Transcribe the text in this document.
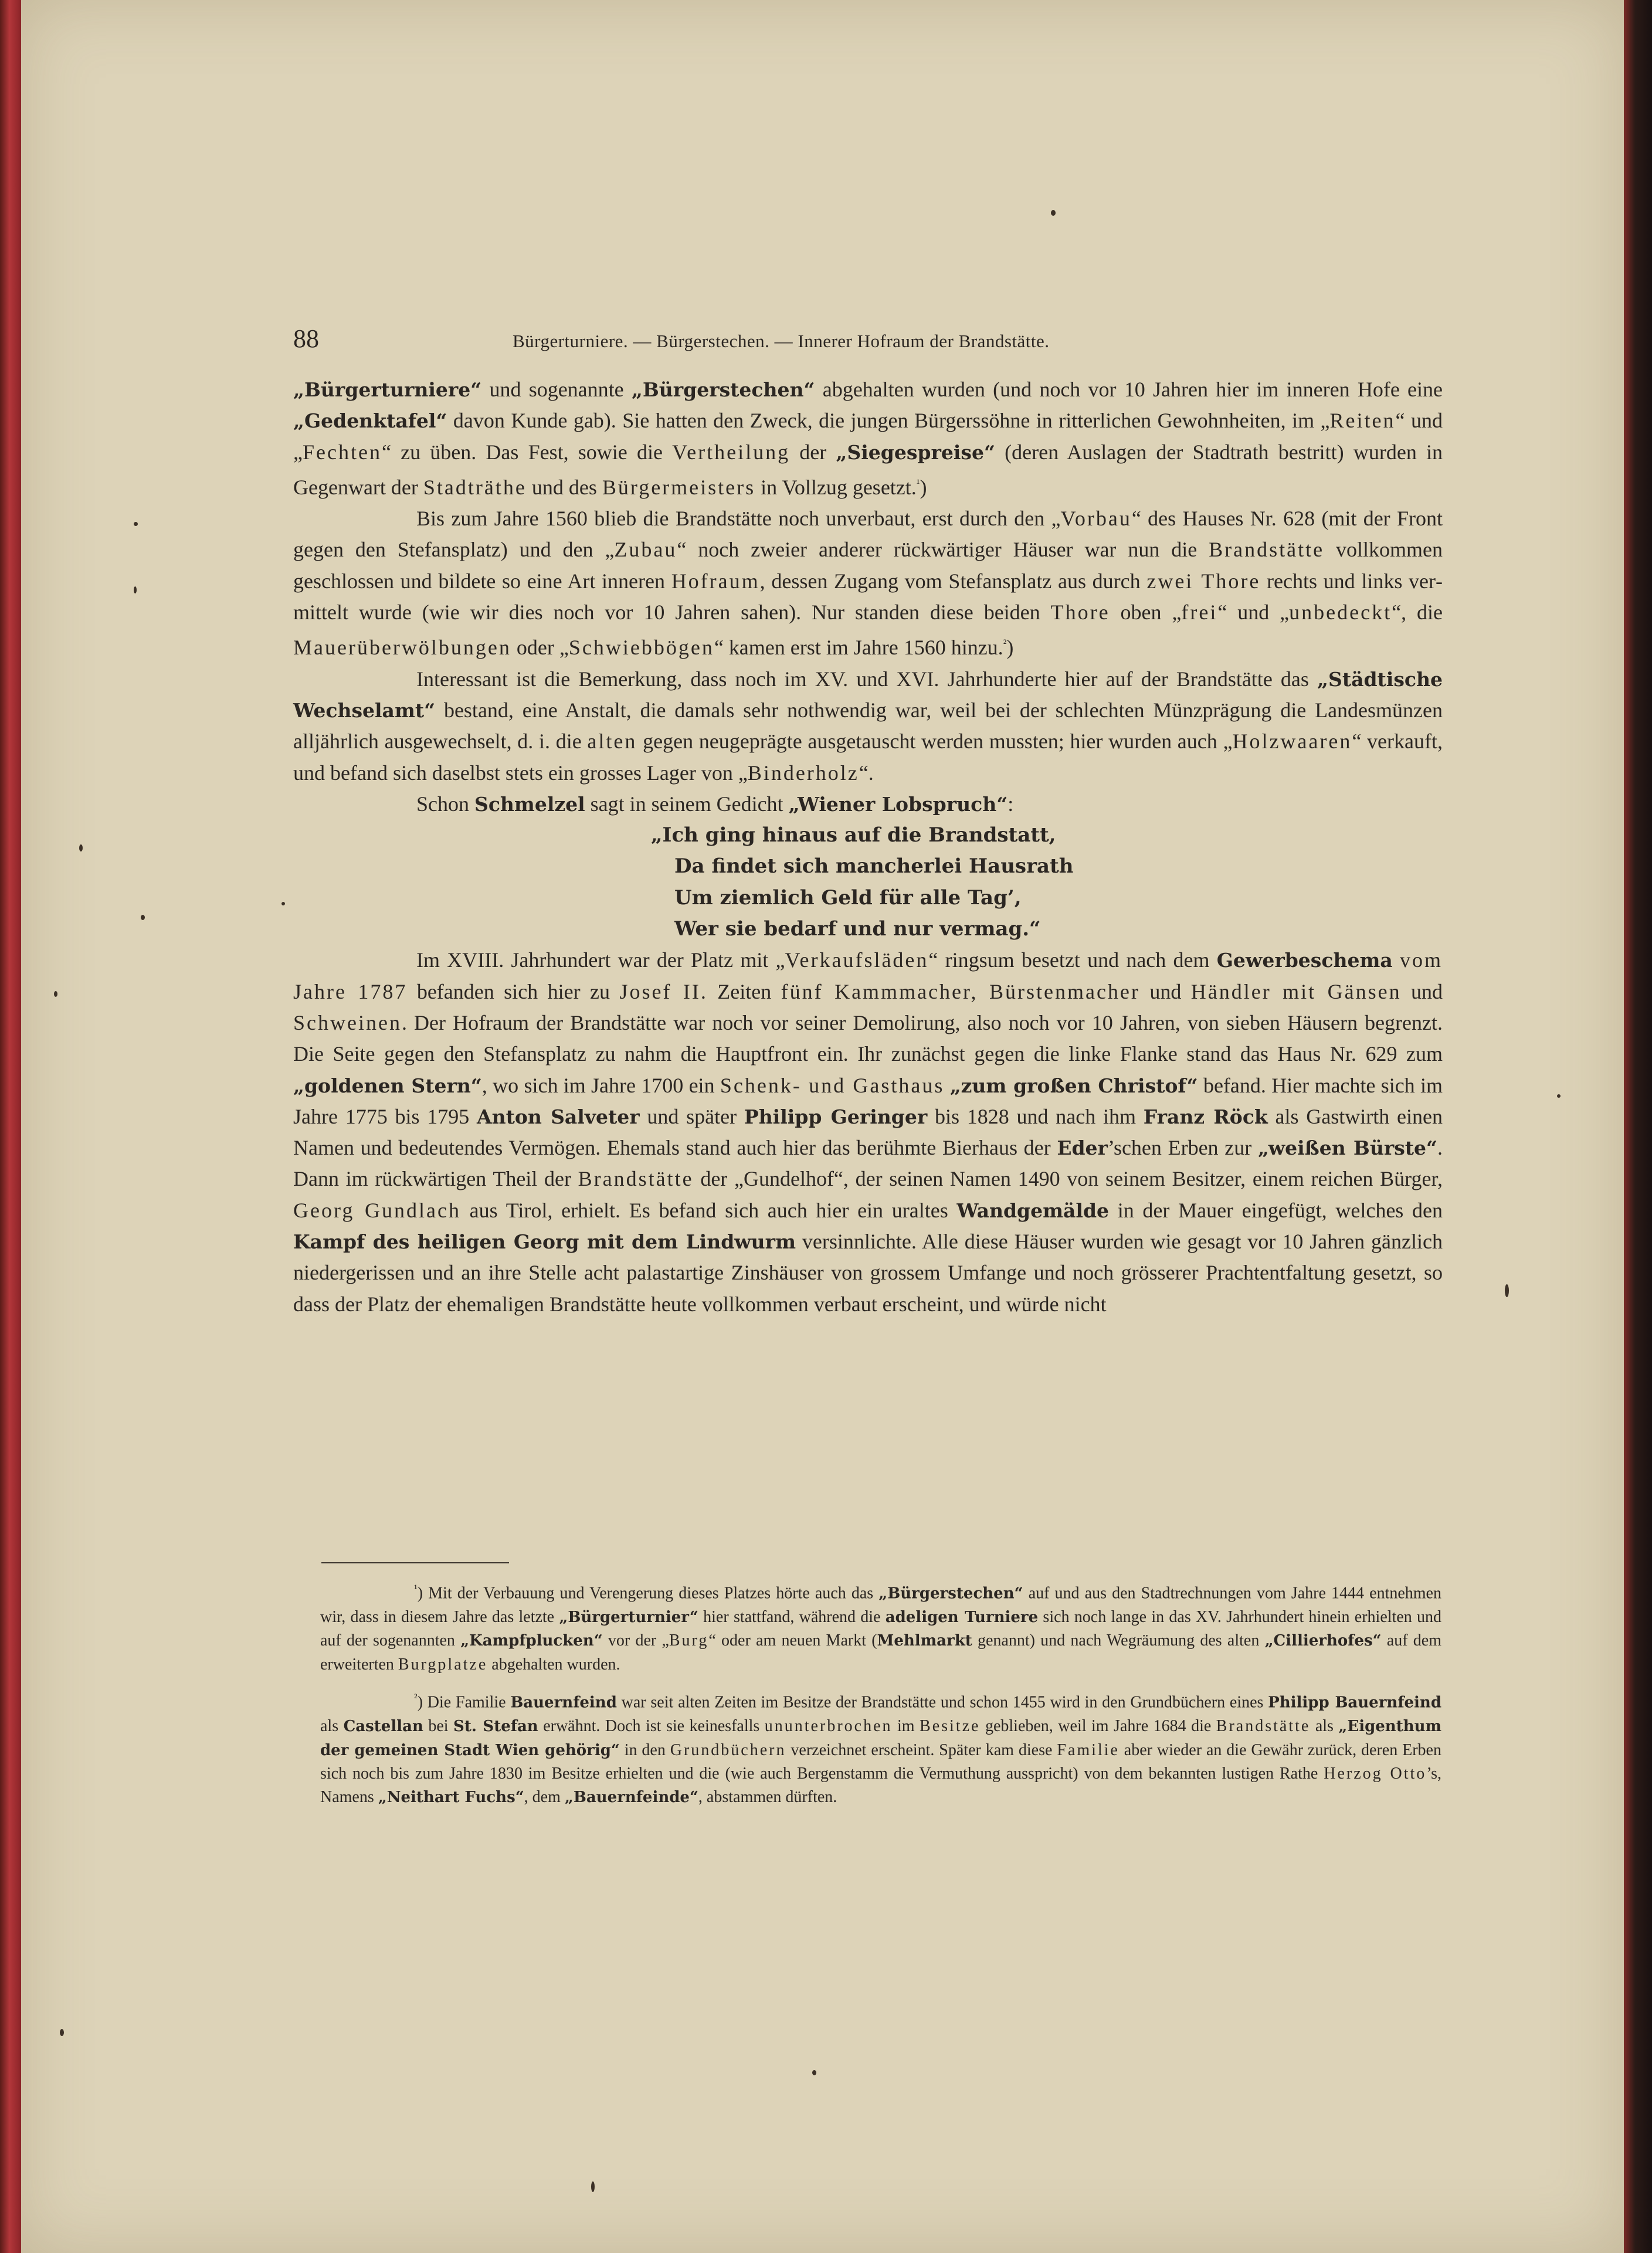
88	Bürgerturniere. — Bürgerstechen. — Innerer Hofraum der Brandstätte.

„Bürgerturniere“ und sogenannte „Bürgerstechen“ abgehalten wurden (und noch vor 10 Jahren hier im inneren Hofe eine „Gedenktafel“ davon Kunde gab). Sie hatten den Zweck, die jungen Bürgerssöhne in ritterlichen Gewohnheiten, im „Reiten“ und „Fechten“ zu üben. Das Fest, sowie die Vertheilung der „Siegespreise“ (deren Auslagen der Stadtrath bestritt) wurden in Gegenwart der Stadträthe und des Bürgermeisters in Vollzug gesetzt.$^{^1}$)

Bis zum Jahre 1560 blieb die Brandstätte noch unverbaut, erst durch den „Vorbau“ des Hauses Nr. 628 (mit der Front gegen den Stefansplatz) und den „Zubau“ noch zweier anderer rückwärtiger Häuser war nun die Brandstätte vollkommen geschlossen und bildete so eine Art inneren Hofraum, dessen Zugang vom Stefansplatz aus durch zwei Thore rechts und links vermittelt wurde (wie wir dies noch vor 10 Jahren sahen). Nur standen diese beiden Thore oben „frei“ und „unbedeckt“, die Mauerüberwölbungen oder „Schwiebbögen“ kamen erst im Jahre 1560 hinzu.$^{^2}$)

Interessant ist die Bemerkung, dass noch im XV. und XVI. Jahrhunderte hier auf der Brandstätte das „Städtische Wechselamt“ bestand, eine Anstalt, die damals sehr nothwendig war, weil bei der schlechten Münzprägung die Landesmünzen alljährlich ausgewechselt, d. i. die alten gegen neugeprägte ausgetauscht werden mussten; hier wurden auch „Holzwaaren“ verkauft, und befand sich daselbst stets ein grosses Lager von „Binderholz“.

Schon Schmelzel sagt in seinem Gedicht „Wiener Lobspruch“:

„Ich ging hinaus auf die Brandstatt,
Da findet sich mancherlei Hausrath
Um ziemlich Geld für alle Tag’,
Wer sie bedarf und nur vermag.“

Im XVIII. Jahrhundert war der Platz mit „Verkaufsläden“ ringsum besetzt und nach dem Gewerbeschema vom Jahre 1787 befanden sich hier zu Josef II. Zeiten fünf Kammmacher, Bürstenmacher und Händler mit Gänsen und Schweinen. Der Hofraum der Brandstätte war noch vor seiner Demolirung, also noch vor 10 Jahren, von sieben Häusern begrenzt. Die Seite gegen den Stefansplatz zu nahm die Hauptfront ein. Ihr zunächst gegen die linke Flanke stand das Haus Nr. 629 zum „goldenen Stern“, wo sich im Jahre 1700 ein Schenk- und Gasthaus „zum großen Christof“ befand. Hier machte sich im Jahre 1775 bis 1795 Anton Salveter und später Philipp Geringer bis 1828 und nach ihm Franz Röck als Gastwirth einen Namen und bedeutendes Vermögen. Ehemals stand auch hier das berühmte Bierhaus der Eder’schen Erben zur „weißen Bürste“. Dann im rückwärtigen Theil der Brandstätte der „Gundelhof“, der seinen Namen 1490 von seinem Besitzer, einem reichen Bürger, Georg Gundlach aus Tirol, erhielt. Es befand sich auch hier ein uraltes Wandgemälde in der Mauer eingefügt, welches den Kampf des heiligen Georg mit dem Lindwurm versinnlichte. Alle diese Häuser wurden wie gesagt vor 10 Jahren gänzlich niedergerissen und an ihre Stelle acht palastartige Zinshäuser von grossem Umfange und noch grösserer Prachtentfaltung gesetzt, so dass der Platz der ehemaligen Brandstätte heute vollkommen verbaut erscheint, und würde nicht

$^{^1}$) Mit der Verbauung und Verengerung dieses Platzes hörte auch das „Bürgerstechen“ auf und aus den Stadtrechnungen vom Jahre 1444 entnehmen wir, dass in diesem Jahre das letzte „Bürgerturnier“ hier stattfand, während die adeligen Turniere sich noch lange in das XV. Jahrhundert hinein erhielten und auf der sogenannten „Kampfplucken“ vor der „Burg“ oder am neuen Markt (Mehlmarkt genannt) und nach Wegräumung des alten „Cillierhofes“ auf dem erweiterten Burgplatze abgehalten wurden.

$^{^2}$) Die Familie Bauernfeind war seit alten Zeiten im Besitze der Brandstätte und schon 1455 wird in den Grundbüchern eines Philipp Bauernfeind als Castellan bei St. Stefan erwähnt. Doch ist sie keinesfalls ununterbrochen im Besitze geblieben, weil im Jahre 1684 die Brandstätte als „Eigenthum der gemeinen Stadt Wien gehörig“ in den Grundbüchern verzeichnet erscheint. Später kam diese Familie aber wieder an die Gewähr zurück, deren Erben sich noch bis zum Jahre 1830 im Besitze erhielten und die (wie auch Bergenstamm die Vermuthung ausspricht) von dem bekannten lustigen Rathe Herzog Otto’s, Namens „Neithart Fuchs“, dem „Bauernfeinde“, abstammen dürften.
